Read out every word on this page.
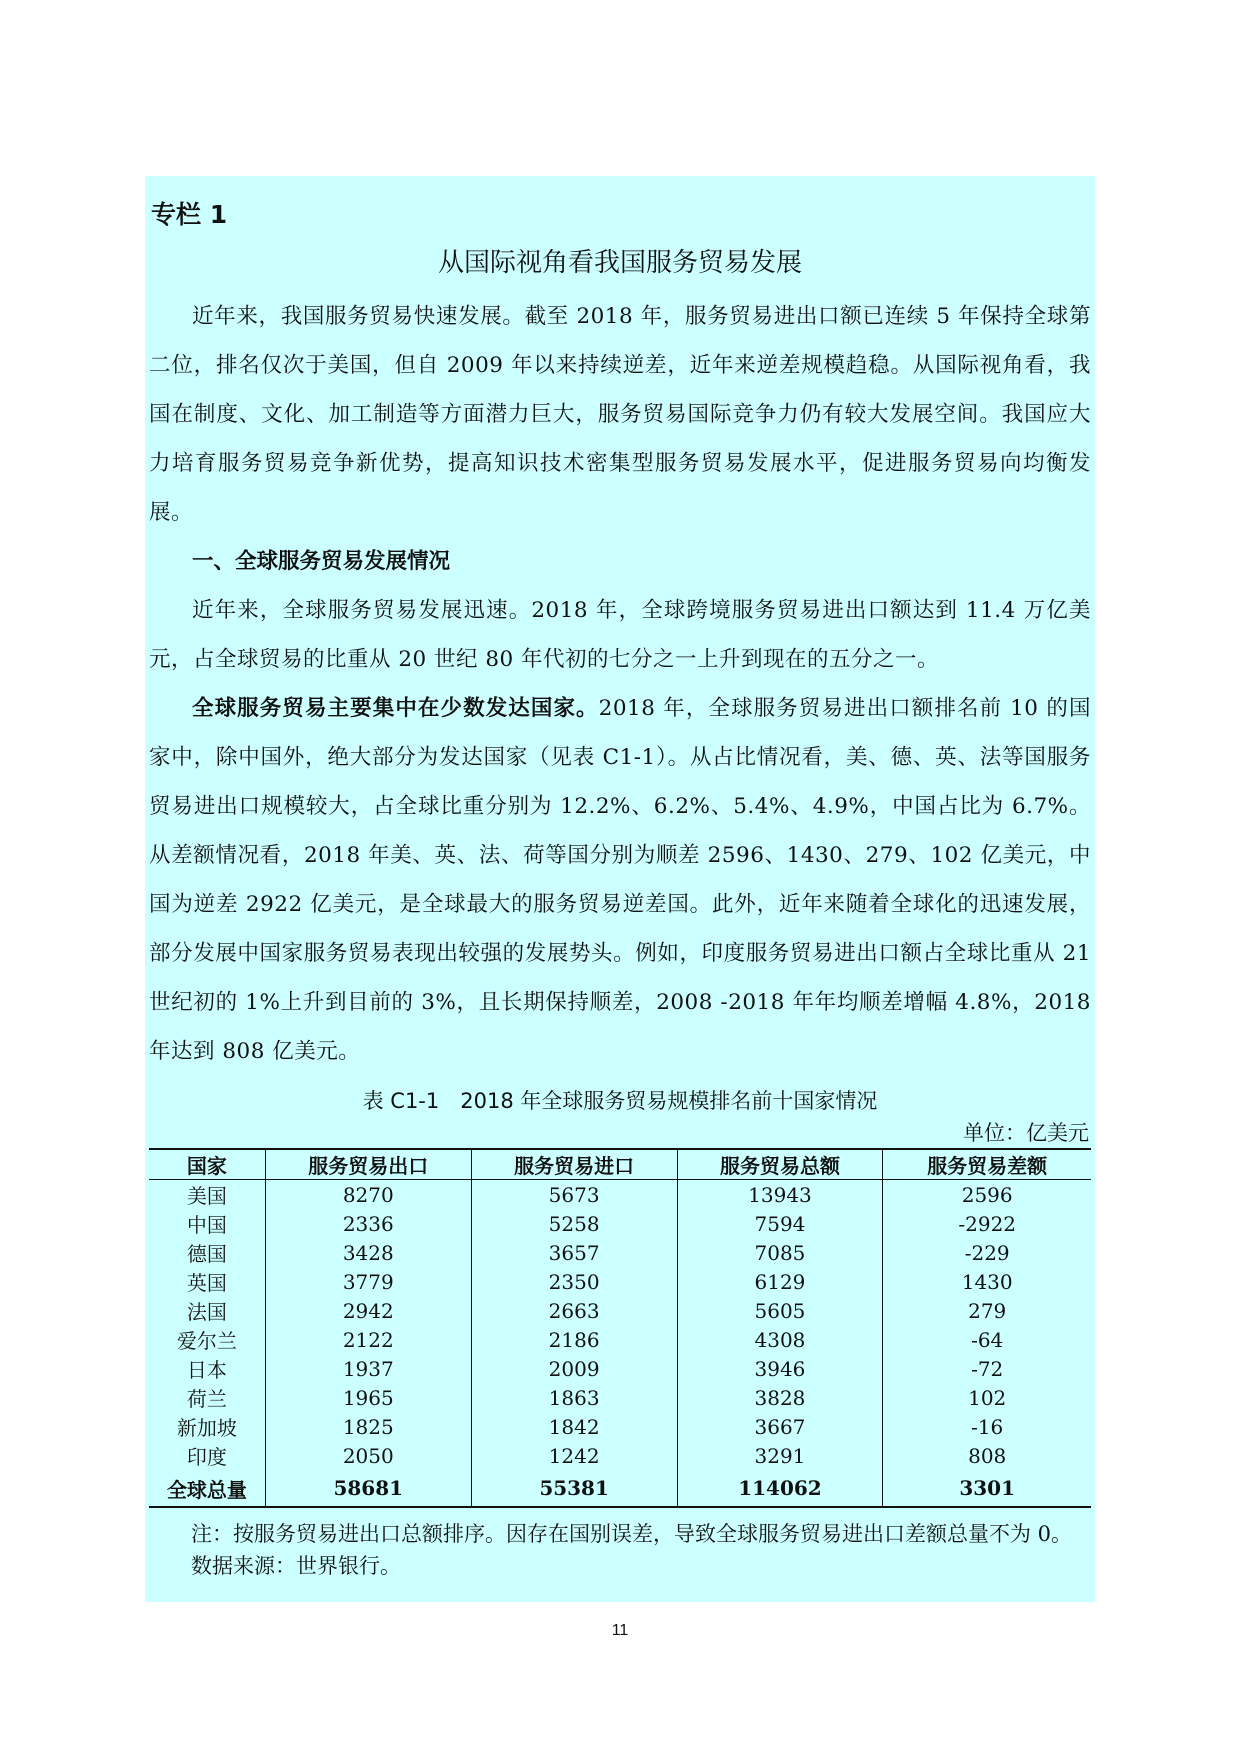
专栏 1
从国际视角看我国服务贸易发展

近年来，我国服务贸易快速发展。截至 2018 年，服务贸易进出口额已连续 5 年保持全球第二位，排名仅次于美国，但自 2009 年以来持续逆差，近年来逆差规模趋稳。从国际视角看，我国在制度、文化、加工制造等方面潜力巨大，服务贸易国际竞争力仍有较大发展空间。我国应大力培育服务贸易竞争新优势，提高知识技术密集型服务贸易发展水平，促进服务贸易向均衡发展。

一、全球服务贸易发展情况

近年来，全球服务贸易发展迅速。2018 年，全球跨境服务贸易进出口额达到 11.4 万亿美元，占全球贸易的比重从 20 世纪 80 年代初的七分之一上升到现在的五分之一。

全球服务贸易主要集中在少数发达国家。2018 年，全球服务贸易进出口额排名前 10 的国家中，除中国外，绝大部分为发达国家（见表 C1-1）。从占比情况看，美、德、英、法等国服务贸易进出口规模较大，占全球比重分别为 12.2%、6.2%、5.4%、4.9%，中国占比为 6.7%。从差额情况看，2018 年美、英、法、荷等国分别为顺差 2596、1430、279、102 亿美元，中国为逆差 2922 亿美元，是全球最大的服务贸易逆差国。此外，近年来随着全球化的迅速发展，部分发展中国家服务贸易表现出较强的发展势头。例如，印度服务贸易进出口额占全球比重从 21 世纪初的 1%上升到目前的 3%，且长期保持顺差，2008 -2018 年年均顺差增幅 4.8%，2018 年达到 808 亿美元。

表 C1-1　2018 年全球服务贸易规模排名前十国家情况
单位：亿美元
国家	服务贸易出口	服务贸易进口	服务贸易总额	服务贸易差额
美国	8270	5673	13943	2596
中国	2336	5258	7594	-2922
德国	3428	3657	7085	-229
英国	3779	2350	6129	1430
法国	2942	2663	5605	279
爱尔兰	2122	2186	4308	-64
日本	1937	2009	3946	-72
荷兰	1965	1863	3828	102
新加坡	1825	1842	3667	-16
印度	2050	1242	3291	808
全球总量	58681	55381	114062	3301

注：按服务贸易进出口总额排序。因存在国别误差，导致全球服务贸易进出口差额总量不为 0。

数据来源：世界银行。

11
